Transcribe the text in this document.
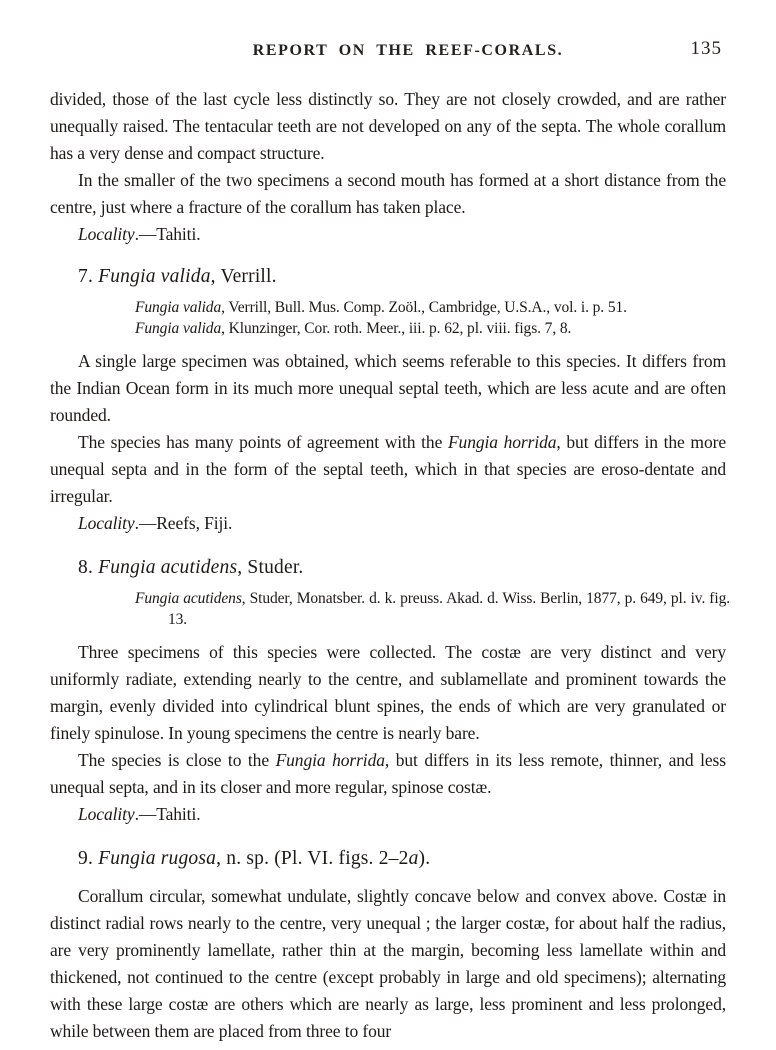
REPORT ON THE REEF-CORALS.	135

divided, those of the last cycle less distinctly so. They are not closely crowded, and are rather unequally raised. The tentacular teeth are not developed on any of the septa. The whole corallum has a very dense and compact structure.

In the smaller of the two specimens a second mouth has formed at a short distance from the centre, just where a fracture of the corallum has taken place.

Locality.—Tahiti.

7. Fungia valida, Verrill.

Fungia valida, Verrill, Bull. Mus. Comp. Zoöl., Cambridge, U.S.A., vol. i. p. 51.

Fungia valida, Klunzinger, Cor. roth. Meer., iii. p. 62, pl. viii. figs. 7, 8.

A single large specimen was obtained, which seems referable to this species. It differs from the Indian Ocean form in its much more unequal septal teeth, which are less acute and are often rounded.

The species has many points of agreement with the Fungia horrida, but differs in the more unequal septa and in the form of the septal teeth, which in that species are eroso-dentate and irregular.

Locality.—Reefs, Fiji.

8. Fungia acutidens, Studer.

Fungia acutidens, Studer, Monatsber. d. k. preuss. Akad. d. Wiss. Berlin, 1877, p. 649, pl. iv. fig. 13.

Three specimens of this species were collected. The costæ are very distinct and very uniformly radiate, extending nearly to the centre, and sublamellate and prominent towards the margin, evenly divided into cylindrical blunt spines, the ends of which are very granulated or finely spinulose. In young specimens the centre is nearly bare.

The species is close to the Fungia horrida, but differs in its less remote, thinner, and less unequal septa, and in its closer and more regular, spinose costæ.

Locality.—Tahiti.

9. Fungia rugosa, n. sp. (Pl. VI. figs. 2–2a).

Corallum circular, somewhat undulate, slightly concave below and convex above. Costæ in distinct radial rows nearly to the centre, very unequal ; the larger costæ, for about half the radius, are very prominently lamellate, rather thin at the margin, becoming less lamellate within and thickened, not continued to the centre (except probably in large and old specimens); alternating with these large costæ are others which are nearly as large, less prominent and less prolonged, while between them are placed from three to four
